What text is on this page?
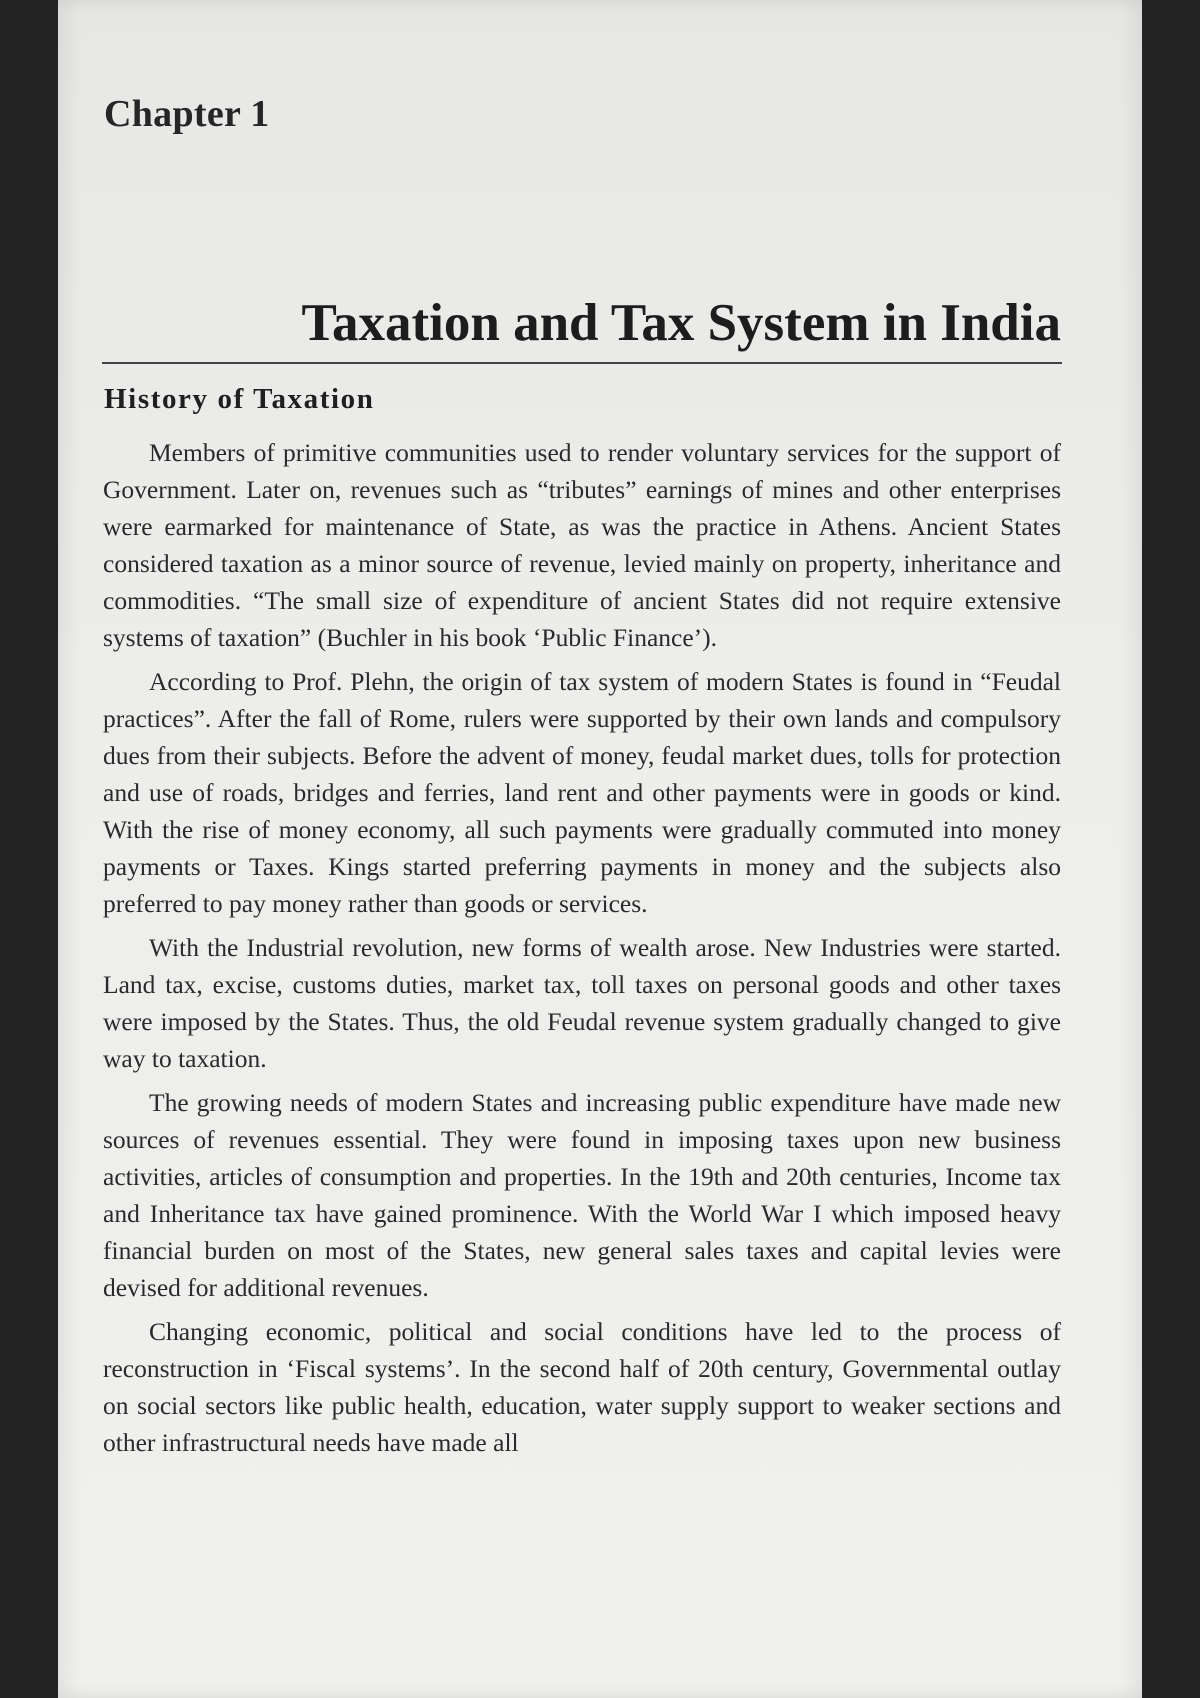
Chapter 1
Taxation and Tax System in India
History of Taxation

Members of primitive communities used to render voluntary services for the support of Government. Later on, revenues such as “tributes” earnings of mines and other enterprises were earmarked for maintenance of State, as was the practice in Athens. Ancient States considered taxation as a minor source of revenue, levied mainly on property, inheritance and commodities. “The small size of expenditure of ancient States did not require extensive systems of taxation” (Buchler in his book ‘Public Finance’).

According to Prof. Plehn, the origin of tax system of modern States is found in “Feudal practices”. After the fall of Rome, rulers were supported by their own lands and compulsory dues from their subjects. Before the advent of money, feudal market dues, tolls for protection and use of roads, bridges and ferries, land rent and other payments were in goods or kind. With the rise of money economy, all such payments were gradually commuted into money payments or Taxes. Kings started preferring payments in money and the subjects also preferred to pay money rather than goods or services.

With the Industrial revolution, new forms of wealth arose. New Industries were started. Land tax, excise, customs duties, market tax, toll taxes on personal goods and other taxes were imposed by the States. Thus, the old Feudal revenue system gradually changed to give way to taxation.

The growing needs of modern States and increasing public expenditure have made new sources of revenues essential. They were found in imposing taxes upon new business activities, articles of consumption and properties. In the 19th and 20th centuries, Income tax and Inheritance tax have gained prominence. With the World War I which imposed heavy financial burden on most of the States, new general sales taxes and capital levies were devised for additional revenues.

Changing economic, political and social conditions have led to the process of reconstruction in ‘Fiscal systems’. In the second half of 20th century, Governmental outlay on social sectors like public health, education, water supply support to weaker sections and other infrastructural needs have made all
